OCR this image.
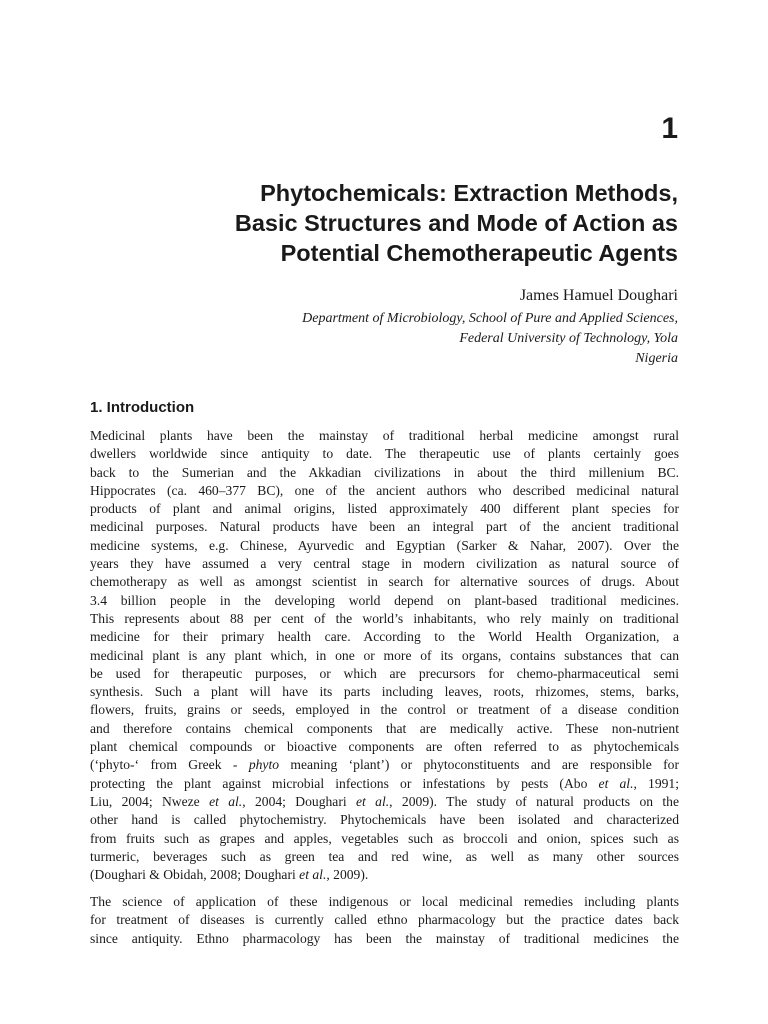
1
Phytochemicals: Extraction Methods,
Basic Structures and Mode of Action as
Potential Chemotherapeutic Agents
James Hamuel Doughari
Department of Microbiology, School of Pure and Applied Sciences,
Federal University of Technology, Yola
Nigeria
1. Introduction
Medicinal plants have been the mainstay of traditional herbal medicine amongst rural
dwellers worldwide since antiquity to date. The therapeutic use of plants certainly goes
back to the Sumerian and the Akkadian civilizations in about the third millenium BC.
Hippocrates (ca. 460–377 BC), one of the ancient authors who described medicinal natural
products of plant and animal origins, listed approximately 400 different plant species for
medicinal purposes. Natural products have been an integral part of the ancient traditional
medicine systems, e.g. Chinese, Ayurvedic and Egyptian (Sarker & Nahar, 2007). Over the
years they have assumed a very central stage in modern civilization as natural source of
chemotherapy as well as amongst scientist in search for alternative sources of drugs. About
3.4 billion people in the developing world depend on plant-based traditional medicines.
This represents about 88 per cent of the world’s inhabitants, who rely mainly on traditional
medicine for their primary health care. According to the World Health Organization, a
medicinal plant is any plant which, in one or more of its organs, contains substances that can
be used for therapeutic purposes, or which are precursors for chemo-pharmaceutical semi
synthesis. Such a plant will have its parts including leaves, roots, rhizomes, stems, barks,
flowers, fruits, grains or seeds, employed in the control or treatment of a disease condition
and therefore contains chemical components that are medically active. These non-nutrient
plant chemical compounds or bioactive components are often referred to as phytochemicals
(‘phyto-‘ from Greek - phyto meaning ‘plant’) or phytoconstituents and are responsible for
protecting the plant against microbial infections or infestations by pests (Abo et al., 1991;
Liu, 2004; Nweze et al., 2004; Doughari et al., 2009). The study of natural products on the
other hand is called phytochemistry. Phytochemicals have been isolated and characterized
from fruits such as grapes and apples, vegetables such as broccoli and onion, spices such as
turmeric, beverages such as green tea and red wine, as well as many other sources
(Doughari & Obidah, 2008; Doughari et al., 2009).
The science of application of these indigenous or local medicinal remedies including plants
for treatment of diseases is currently called ethno pharmacology but the practice dates back
since antiquity. Ethno pharmacology has been the mainstay of traditional medicines the
